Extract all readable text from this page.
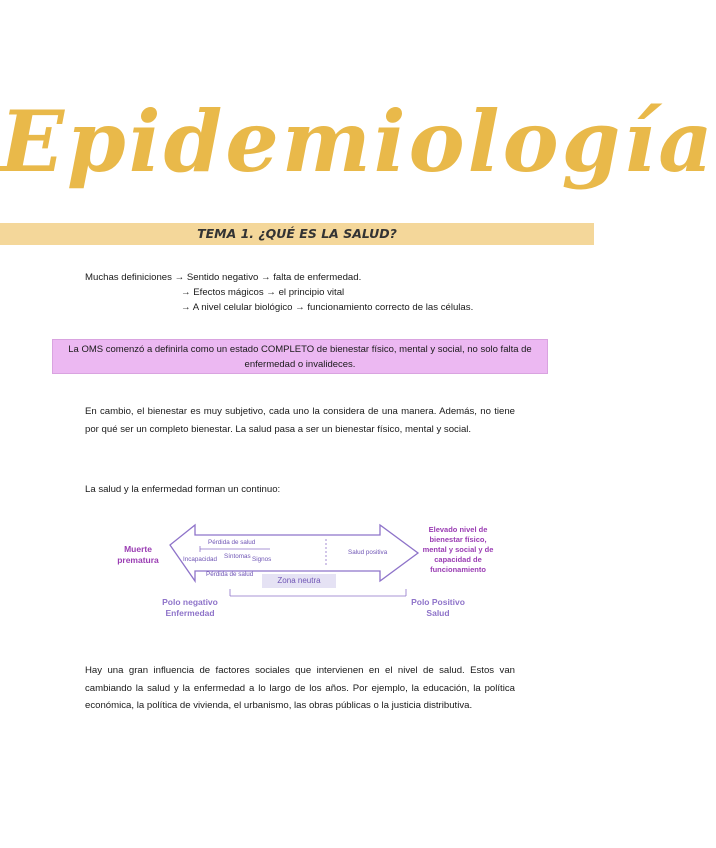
Epidemiología
TEMA 1. ¿QUÉ ES LA SALUD?
Muchas definiciones → Sentido negativo → falta de enfermedad.
→ Efectos mágicos → el principio vital
→ A nivel celular biológico → funcionamiento correcto de las células.

La OMS comenzó a definirla como un estado COMPLETO de bienestar físico, mental y social, no solo falta de enfermedad o invalideces.

En cambio, el bienestar es muy subjetivo, cada uno la considera de una manera. Además, no tiene por qué ser un completo bienestar. La salud pasa a ser un bienestar físico, mental y social.

La salud y la enfermedad forman un continuo:

Muerte prematura
Elevado nivel de bienestar físico, mental y social y de capacidad de funcionamiento
Pérdida de salud
Incapacidad Síntomas Signos
Salud positiva
Pérdida de salud
Zona neutra
Polo negativo Enfermedad
Polo Positivo Salud

Hay una gran influencia de factores sociales que intervienen en el nivel de salud. Estos van cambiando la salud y la enfermedad a lo largo de los años. Por ejemplo, la educación, la política económica, la política de vivienda, el urbanismo, las obras públicas o la justicia distributiva.
